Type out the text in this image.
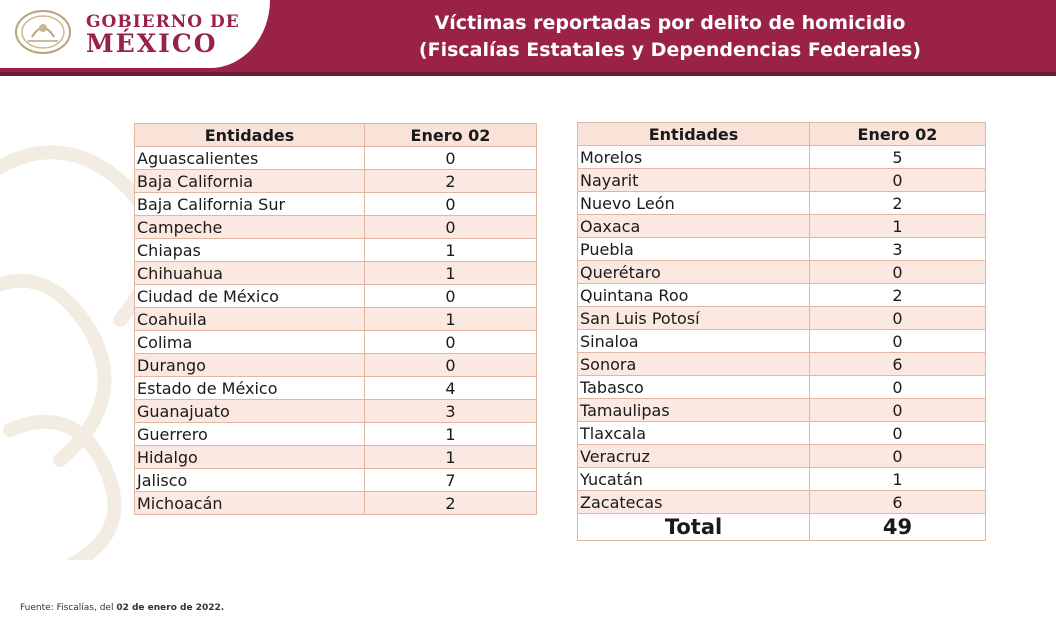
GOBIERNO DE
MÉXICO
Víctimas reportadas por delito de homicidio
(Fiscalías Estatales y Dependencias Federales)
Entidades	Enero 02
Aguascalientes	0
Baja California	2
Baja California Sur	0
Campeche	0
Chiapas	1
Chihuahua	1
Ciudad de México	0
Coahuila	1
Colima	0
Durango	0
Estado de México	4
Guanajuato	3
Guerrero	1
Hidalgo	1
Jalisco	7
Michoacán	2
Entidades	Enero 02
Morelos	5
Nayarit	0
Nuevo León	2
Oaxaca	1
Puebla	3
Querétaro	0
Quintana Roo	2
San Luis Potosí	0
Sinaloa	0
Sonora	6
Tabasco	0
Tamaulipas	0
Tlaxcala	0
Veracruz	0
Yucatán	1
Zacatecas	6
Total	49
Fuente: Fiscalías, del 02 de enero de 2022.
